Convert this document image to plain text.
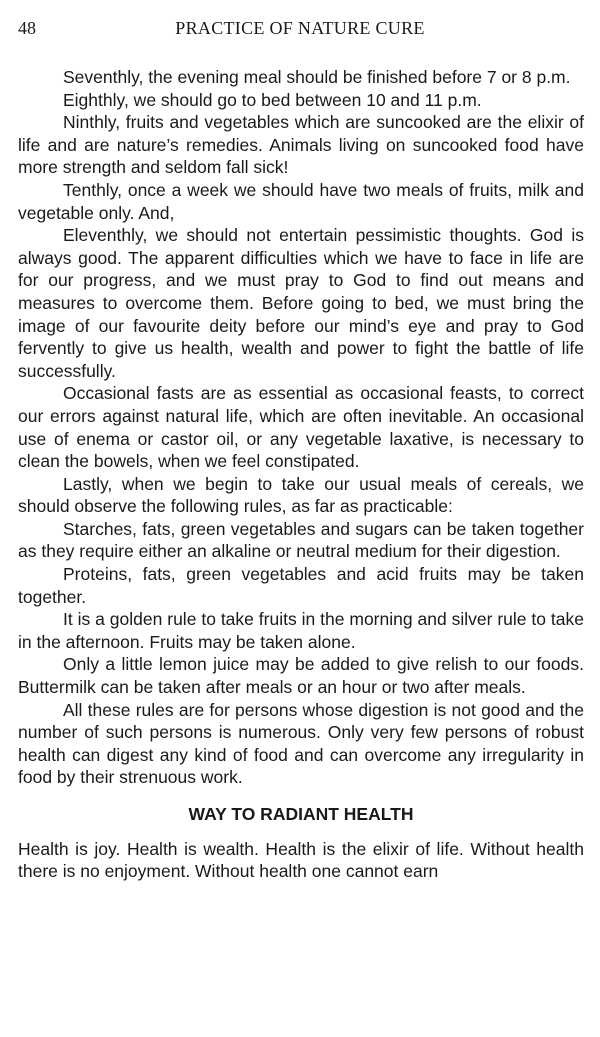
48	PRACTICE OF NATURE CURE

Seventhly, the evening meal should be finished before 7 or 8 p.m.

Eighthly, we should go to bed between 10 and 11 p.m.

Ninthly, fruits and vegetables which are suncooked are the elixir of life and are nature’s remedies. Animals living on suncooked food have more strength and seldom fall sick!

Tenthly, once a week we should have two meals of fruits, milk and vegetable only. And,

Eleventhly, we should not entertain pessimistic thoughts. God is always good. The apparent difficulties which we have to face in life are for our progress, and we must pray to God to find out means and measures to overcome them. Before going to bed, we must bring the image of our favourite deity before our mind’s eye and pray to God fervently to give us health, wealth and power to fight the battle of life successfully.

Occasional fasts are as essential as occasional feasts, to correct our errors against natural life, which are often inevitable. An occasional use of enema or castor oil, or any vegetable laxative, is necessary to clean the bowels, when we feel constipated.

Lastly, when we begin to take our usual meals of cereals, we should observe the following rules, as far as practicable:

Starches, fats, green vegetables and sugars can be taken together as they require either an alkaline or neutral medium for their digestion.

Proteins, fats, green vegetables and acid fruits may be taken together.

It is a golden rule to take fruits in the morning and silver rule to take in the afternoon. Fruits may be taken alone.

Only a little lemon juice may be added to give relish to our foods. Buttermilk can be taken after meals or an hour or two after meals.

All these rules are for persons whose digestion is not good and the number of such persons is numerous. Only very few persons of robust health can digest any kind of food and can overcome any irregularity in food by their strenuous work.

WAY TO RADIANT HEALTH

Health is joy. Health is wealth. Health is the elixir of life. Without health there is no enjoyment. Without health one cannot earn
